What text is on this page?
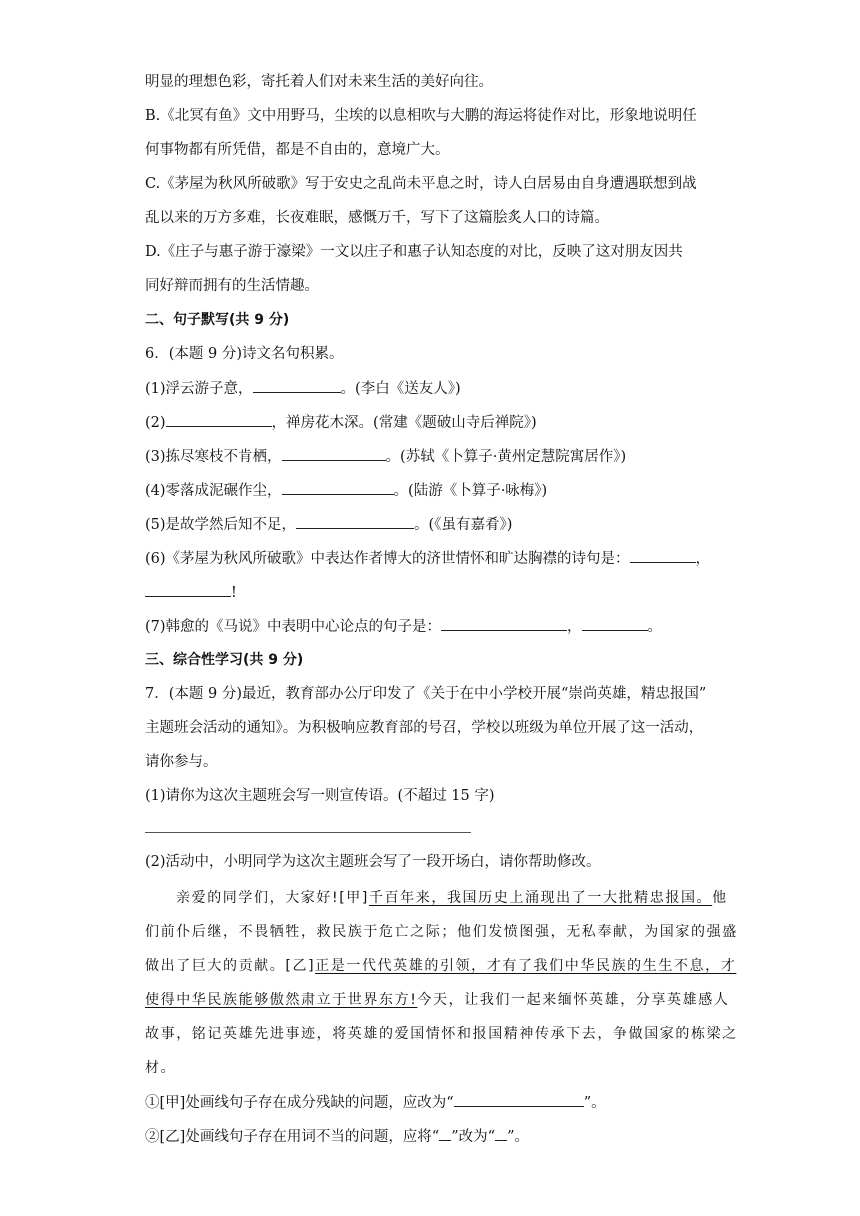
明显的理想色彩，寄托着人们对未来生活的美好向往。
B.《北冥有鱼》文中用野马，尘埃的以息相吹与大鹏的海运将徒作对比，形象地说明任
何事物都有所凭借，都是不自由的，意境广大。
C.《茅屋为秋风所破歌》写于安史之乱尚未平息之时，诗人白居易由自身遭遇联想到战
乱以来的万方多难，长夜难眠，感慨万千，写下了这篇脍炙人口的诗篇。
D.《庄子与惠子游于濠梁》一文以庄子和惠子认知态度的对比，反映了这对朋友因共
同好辩而拥有的生活情趣。
二、句子默写(共 9 分)
6．(本题 9 分)诗文名句积累。
(1)浮云游子意，	。(李白《送友人》)
(2)	，禅房花木深。(常建《题破山寺后禅院》)
(3)拣尽寒枝不肯栖，	。(苏轼《卜算子·黄州定慧院寓居作》)
(4)零落成泥碾作尘，	。(陆游《卜算子·咏梅》)
(5)是故学然后知不足，	。(《虽有嘉肴》)
(6)《茅屋为秋风所破歌》中表达作者博大的济世情怀和旷达胸襟的诗句是：	，
!
(7)韩愈的《马说》中表明中心论点的句子是：	，	。
三、综合性学习(共 9 分)
7．(本题 9 分)最近，教育部办公厅印发了《关于在中小学校开展“崇尚英雄，精忠报国”
主题班会活动的通知》。为积极响应教育部的号召，学校以班级为单位开展了这一活动，
请你参与。
(1)请你为这次主题班会写一则宣传语。(不超过 15 字)
(2)活动中，小明同学为这次主题班会写了一段开场白，请你帮助修改。
亲爱的同学们，大家好![甲]千百年来，我国历史上涌现出了一大批精忠报国。他
们前仆后继，不畏牺牲，救民族于危亡之际；他们发愤图强，无私奉献，为国家的强盛
做出了巨大的贡献。[乙]正是一代代英雄的引领，才有了我们中华民族的生生不息，才
使得中华民族能够傲然肃立于世界东方!今天，让我们一起来缅怀英雄，分享英雄感人
故事，铭记英雄先进事迹，将英雄的爱国情怀和报国精神传承下去，争做国家的栋梁之
材。
①[甲]处画线句子存在成分残缺的问题，应改为“	”。
②[乙]处画线句子存在用词不当的问题，应将“ ”改为“ ”。
